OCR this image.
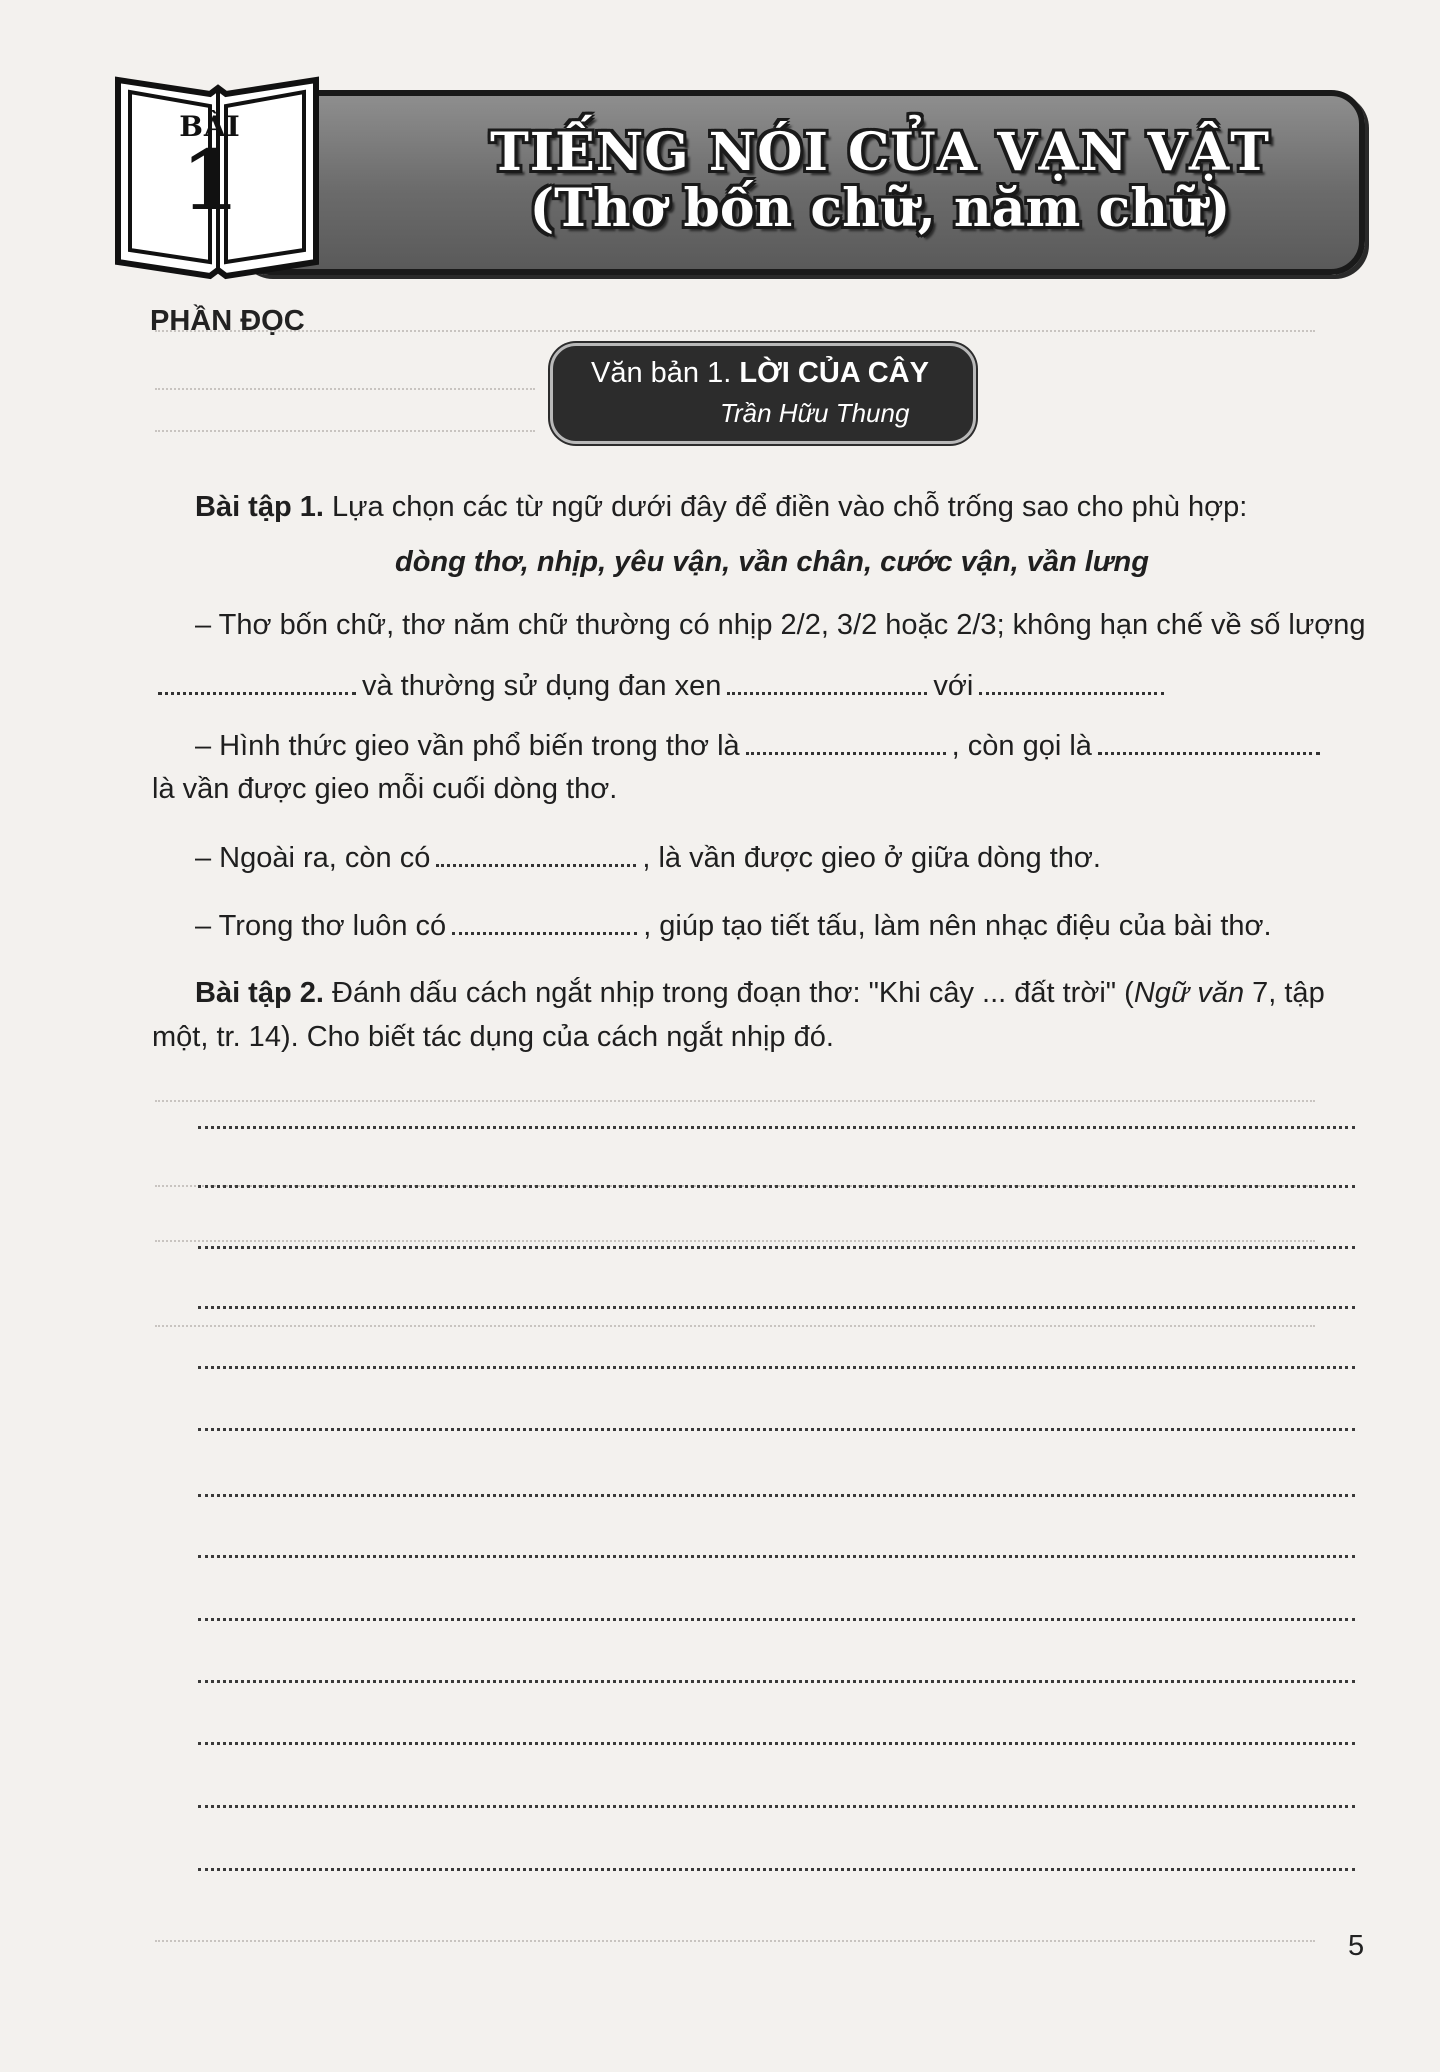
BÀI
1	TIẾNG NÓI CỦA VẠN VẬT
(Thơ bốn chữ, năm chữ)
PHẦN ĐỌC
Văn bản 1. LỜI CỦA CÂY
Trần Hữu Thung
Bài tập 1. Lựa chọn các từ ngữ dưới đây để điền vào chỗ trống sao cho phù hợp:
dòng thơ, nhịp, yêu vận, vần chân, cước vận, vần lưng
– Thơ bốn chữ, thơ năm chữ thường có nhịp 2/2, 3/2 hoặc 2/3; không hạn chế về số lượng
và thường sử dụng đan xen	với
– Hình thức gieo vần phổ biến trong thơ là	, còn gọi là
là vần được gieo mỗi cuối dòng thơ.
– Ngoài ra, còn có	, là vần được gieo ở giữa dòng thơ.
– Trong thơ luôn có	, giúp tạo tiết tấu, làm nên nhạc điệu của bài thơ.
Bài tập 2. Đánh dấu cách ngắt nhịp trong đoạn thơ: "Khi cây ... đất trời" (Ngữ văn 7, tập
một, tr. 14). Cho biết tác dụng của cách ngắt nhịp đó.
5
